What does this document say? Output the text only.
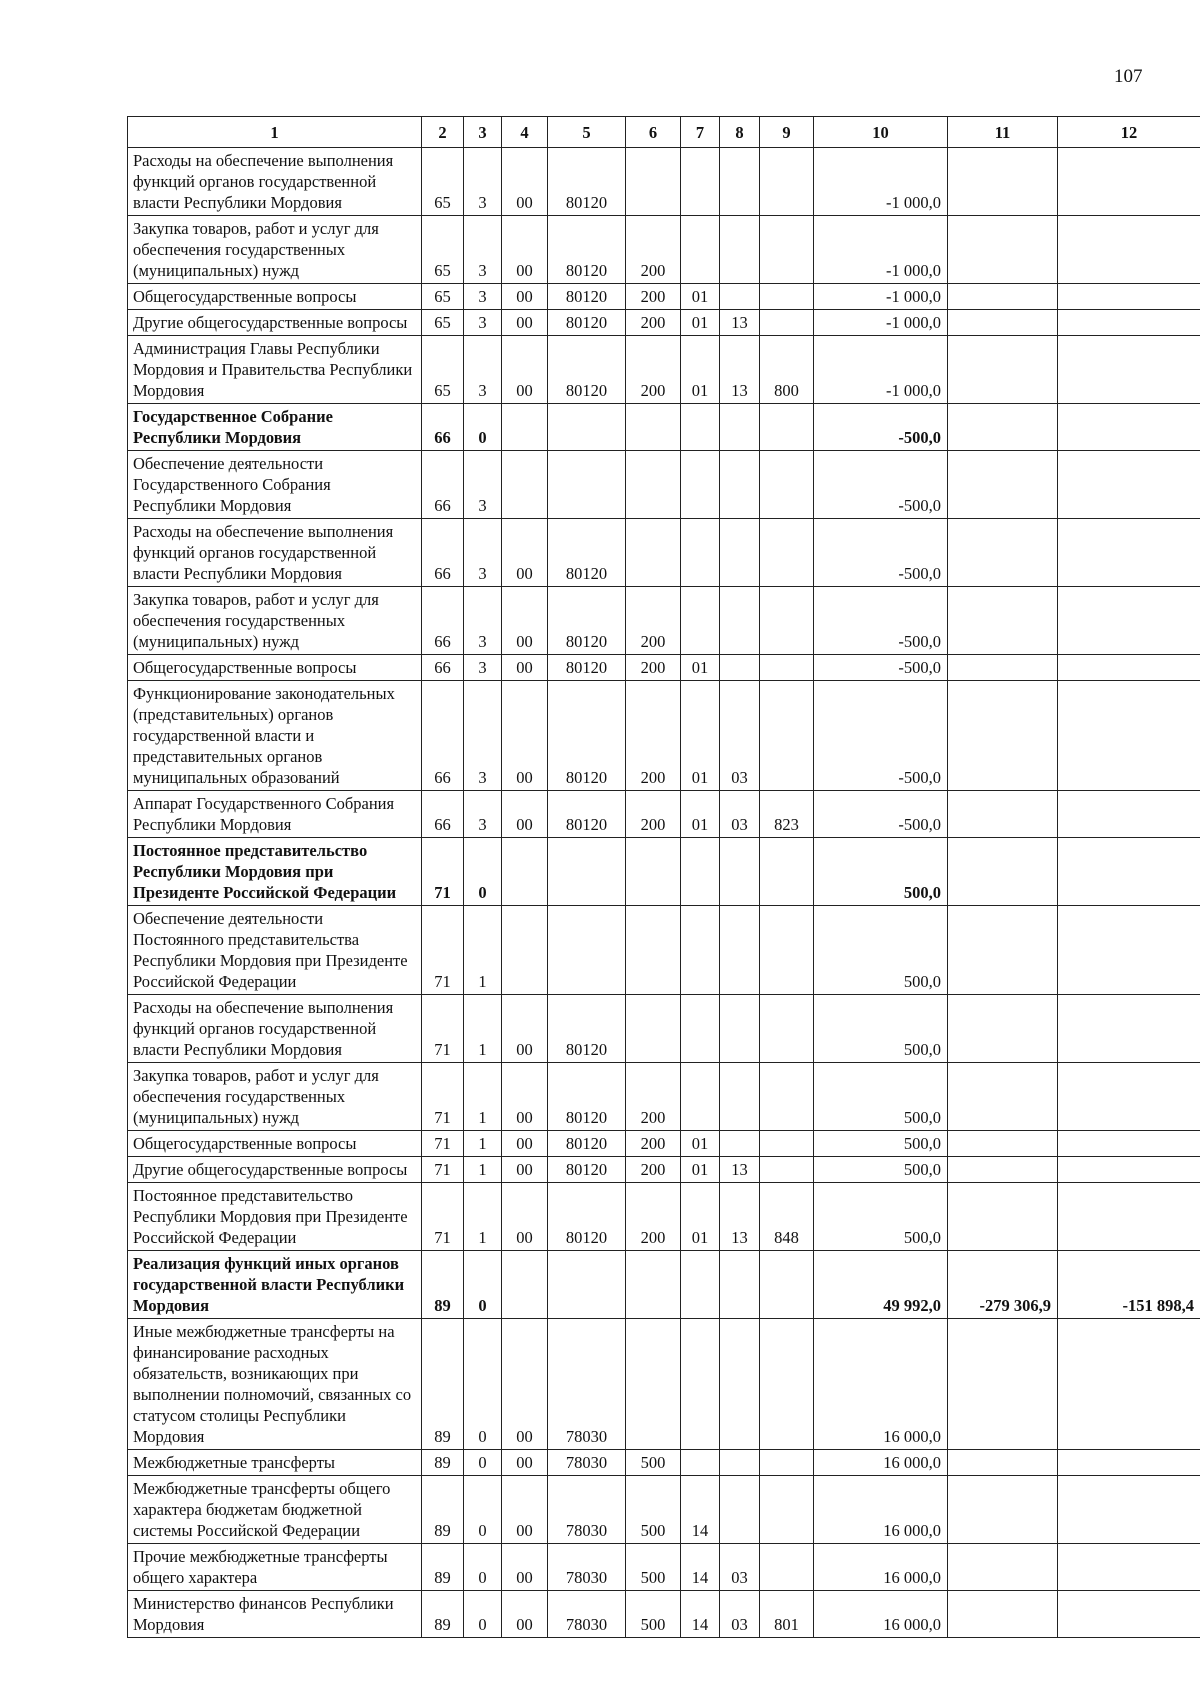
107
1	2	3	4	5	6	7	8	9	10	11	12
Расходы на обеспечение выполнения функций органов государственной власти Республики Мордовия	65	3	00	80120					-1 000,0		
Закупка товаров, работ и услуг для обеспечения государственных (муниципальных) нужд	65	3	00	80120	200				-1 000,0		
Общегосударственные вопросы	65	3	00	80120	200	01			-1 000,0		
Другие общегосударственные вопросы	65	3	00	80120	200	01	13		-1 000,0		
Администрация Главы Республики Мордовия и Правительства Республики Мордовия	65	3	00	80120	200	01	13	800	-1 000,0		
Государственное Собрание Республики Мордовия	66	0							-500,0		
Обеспечение деятельности Государственного Собрания Республики Мордовия	66	3							-500,0		
Расходы на обеспечение выполнения функций органов государственной власти Республики Мордовия	66	3	00	80120					-500,0		
Закупка товаров, работ и услуг для обеспечения государственных (муниципальных) нужд	66	3	00	80120	200				-500,0		
Общегосударственные вопросы	66	3	00	80120	200	01			-500,0		
Функционирование законодательных (представительных) органов государственной власти и представительных органов муниципальных образований	66	3	00	80120	200	01	03		-500,0		
Аппарат Государственного Собрания Республики Мордовия	66	3	00	80120	200	01	03	823	-500,0		
Постоянное представительство Республики Мордовия при Президенте Российской Федерации	71	0							500,0		
Обеспечение деятельности Постоянного представительства Республики Мордовия при Президенте Российской Федерации	71	1							500,0		
Расходы на обеспечение выполнения функций органов государственной власти Республики Мордовия	71	1	00	80120					500,0		
Закупка товаров, работ и услуг для обеспечения государственных (муниципальных) нужд	71	1	00	80120	200				500,0		
Общегосударственные вопросы	71	1	00	80120	200	01			500,0		
Другие общегосударственные вопросы	71	1	00	80120	200	01	13		500,0		
Постоянное представительство Республики Мордовия при Президенте Российской Федерации	71	1	00	80120	200	01	13	848	500,0		
Реализация функций иных органов государственной власти Республики Мордовия	89	0							49 992,0	-279 306,9	-151 898,4
Иные межбюджетные трансферты на финансирование расходных обязательств, возникающих при выполнении полномочий, связанных со статусом столицы Республики Мордовия	89	0	00	78030					16 000,0		
Межбюджетные трансферты	89	0	00	78030	500				16 000,0		
Межбюджетные трансферты общего характера бюджетам бюджетной системы Российской Федерации	89	0	00	78030	500	14			16 000,0		
Прочие межбюджетные трансферты общего характера	89	0	00	78030	500	14	03		16 000,0		
Министерство финансов Республики Мордовия	89	0	00	78030	500	14	03	801	16 000,0		
